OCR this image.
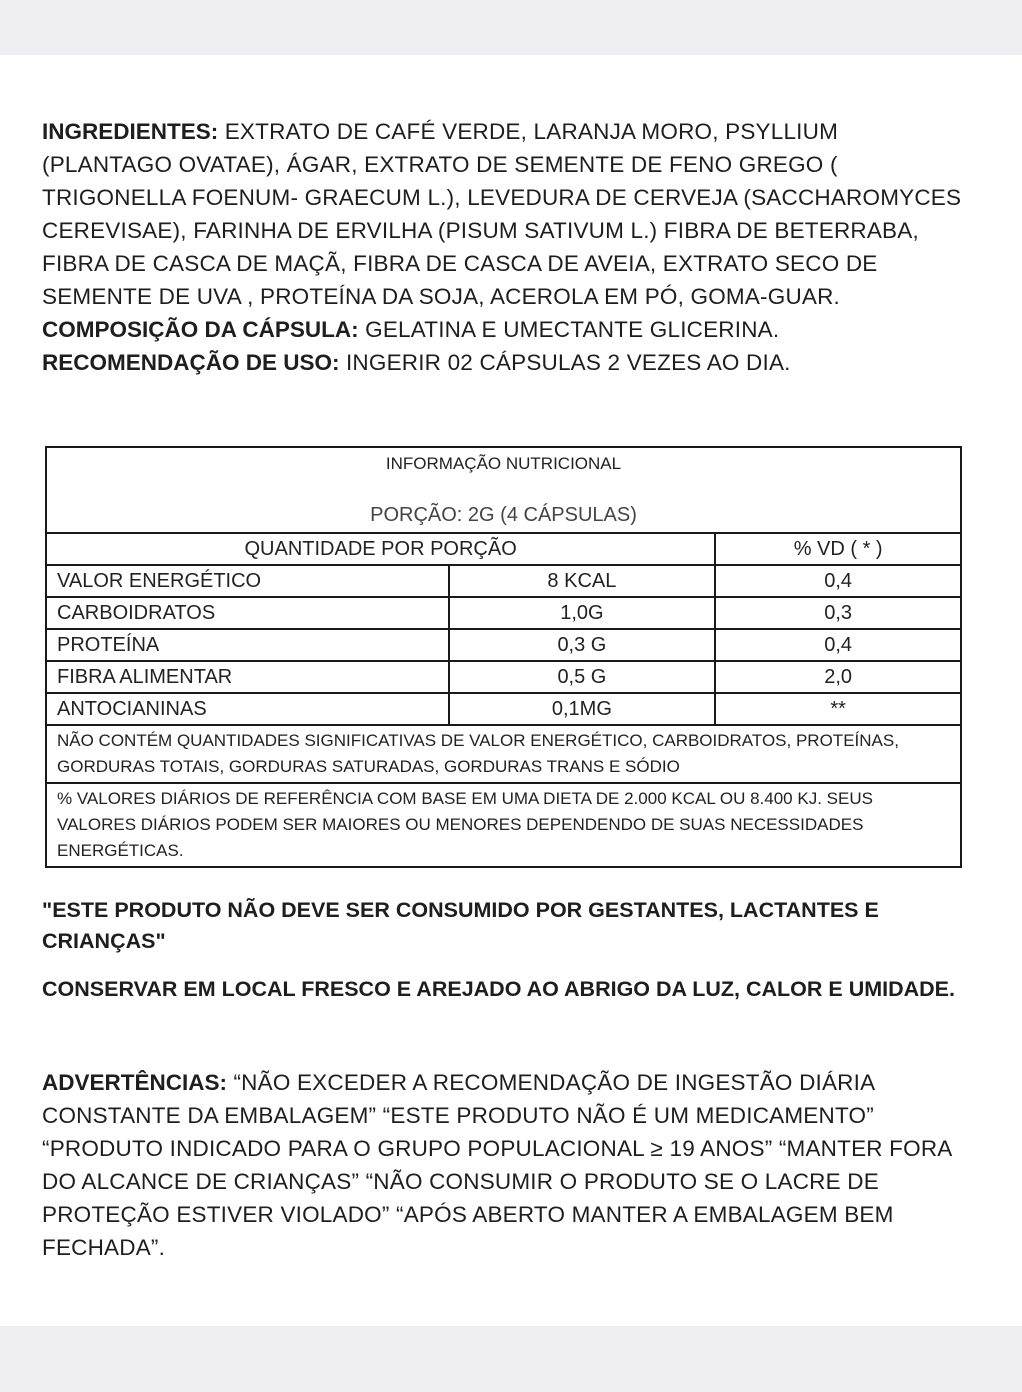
INGREDIENTES: EXTRATO DE CAFÉ VERDE, LARANJA MORO, PSYLLIUM (PLANTAGO OVATAE), ÁGAR, EXTRATO DE SEMENTE DE FENO GREGO ( TRIGONELLA FOENUM- GRAECUM L.), LEVEDURA DE CERVEJA (SACCHAROMYCES CEREVISAE), FARINHA DE ERVILHA (PISUM SATIVUM L.) FIBRA DE BETERRABA, FIBRA DE CASCA DE MAÇÃ, FIBRA DE CASCA DE AVEIA, EXTRATO SECO DE SEMENTE DE UVA , PROTEÍNA DA SOJA, ACEROLA EM PÓ, GOMA-GUAR.

COMPOSIÇÃO DA CÁPSULA: GELATINA E UMECTANTE GLICERINA.

RECOMENDAÇÃO DE USO: INGERIR 02 CÁPSULAS 2 VEZES AO DIA.

INFORMAÇÃO NUTRICIONAL
PORÇÃO: 2G (4 CÁPSULAS)		

QUANTIDADE POR PORÇÃO		% VD ( * )
VALOR ENERGÉTICO	8 KCAL	0,4
CARBOIDRATOS	1,0G	0,3
PROTEÍNA	0,3 G	0,4
FIBRA ALIMENTAR	0,5 G	2,0
ANTOCIANINAS	0,1MG	**
NÃO CONTÉM QUANTIDADES SIGNIFICATIVAS DE VALOR ENERGÉTICO, CARBOIDRATOS, PROTEÍNAS, GORDURAS TOTAIS, GORDURAS SATURADAS, GORDURAS TRANS E SÓDIO		
% VALORES DIÁRIOS DE REFERÊNCIA COM BASE EM UMA DIETA DE 2.000 KCAL OU 8.400 KJ. SEUS VALORES DIÁRIOS PODEM SER MAIORES OU MENORES DEPENDENDO DE SUAS NECESSIDADES ENERGÉTICAS.		

"ESTE PRODUTO NÃO DEVE SER CONSUMIDO POR GESTANTES, LACTANTES E CRIANÇAS"

CONSERVAR EM LOCAL FRESCO E AREJADO AO ABRIGO DA LUZ, CALOR E UMIDADE.

ADVERTÊNCIAS: “NÃO EXCEDER A RECOMENDAÇÃO DE INGESTÃO DIÁRIA CONSTANTE DA EMBALAGEM” “ESTE PRODUTO NÃO É UM MEDICAMENTO” “PRODUTO INDICADO PARA O GRUPO POPULACIONAL ≥ 19 ANOS” “MANTER FORA DO ALCANCE DE CRIANÇAS” “NÃO CONSUMIR O PRODUTO SE O LACRE DE PROTEÇÃO ESTIVER VIOLADO” “APÓS ABERTO MANTER A EMBALAGEM BEM FECHADA”.
